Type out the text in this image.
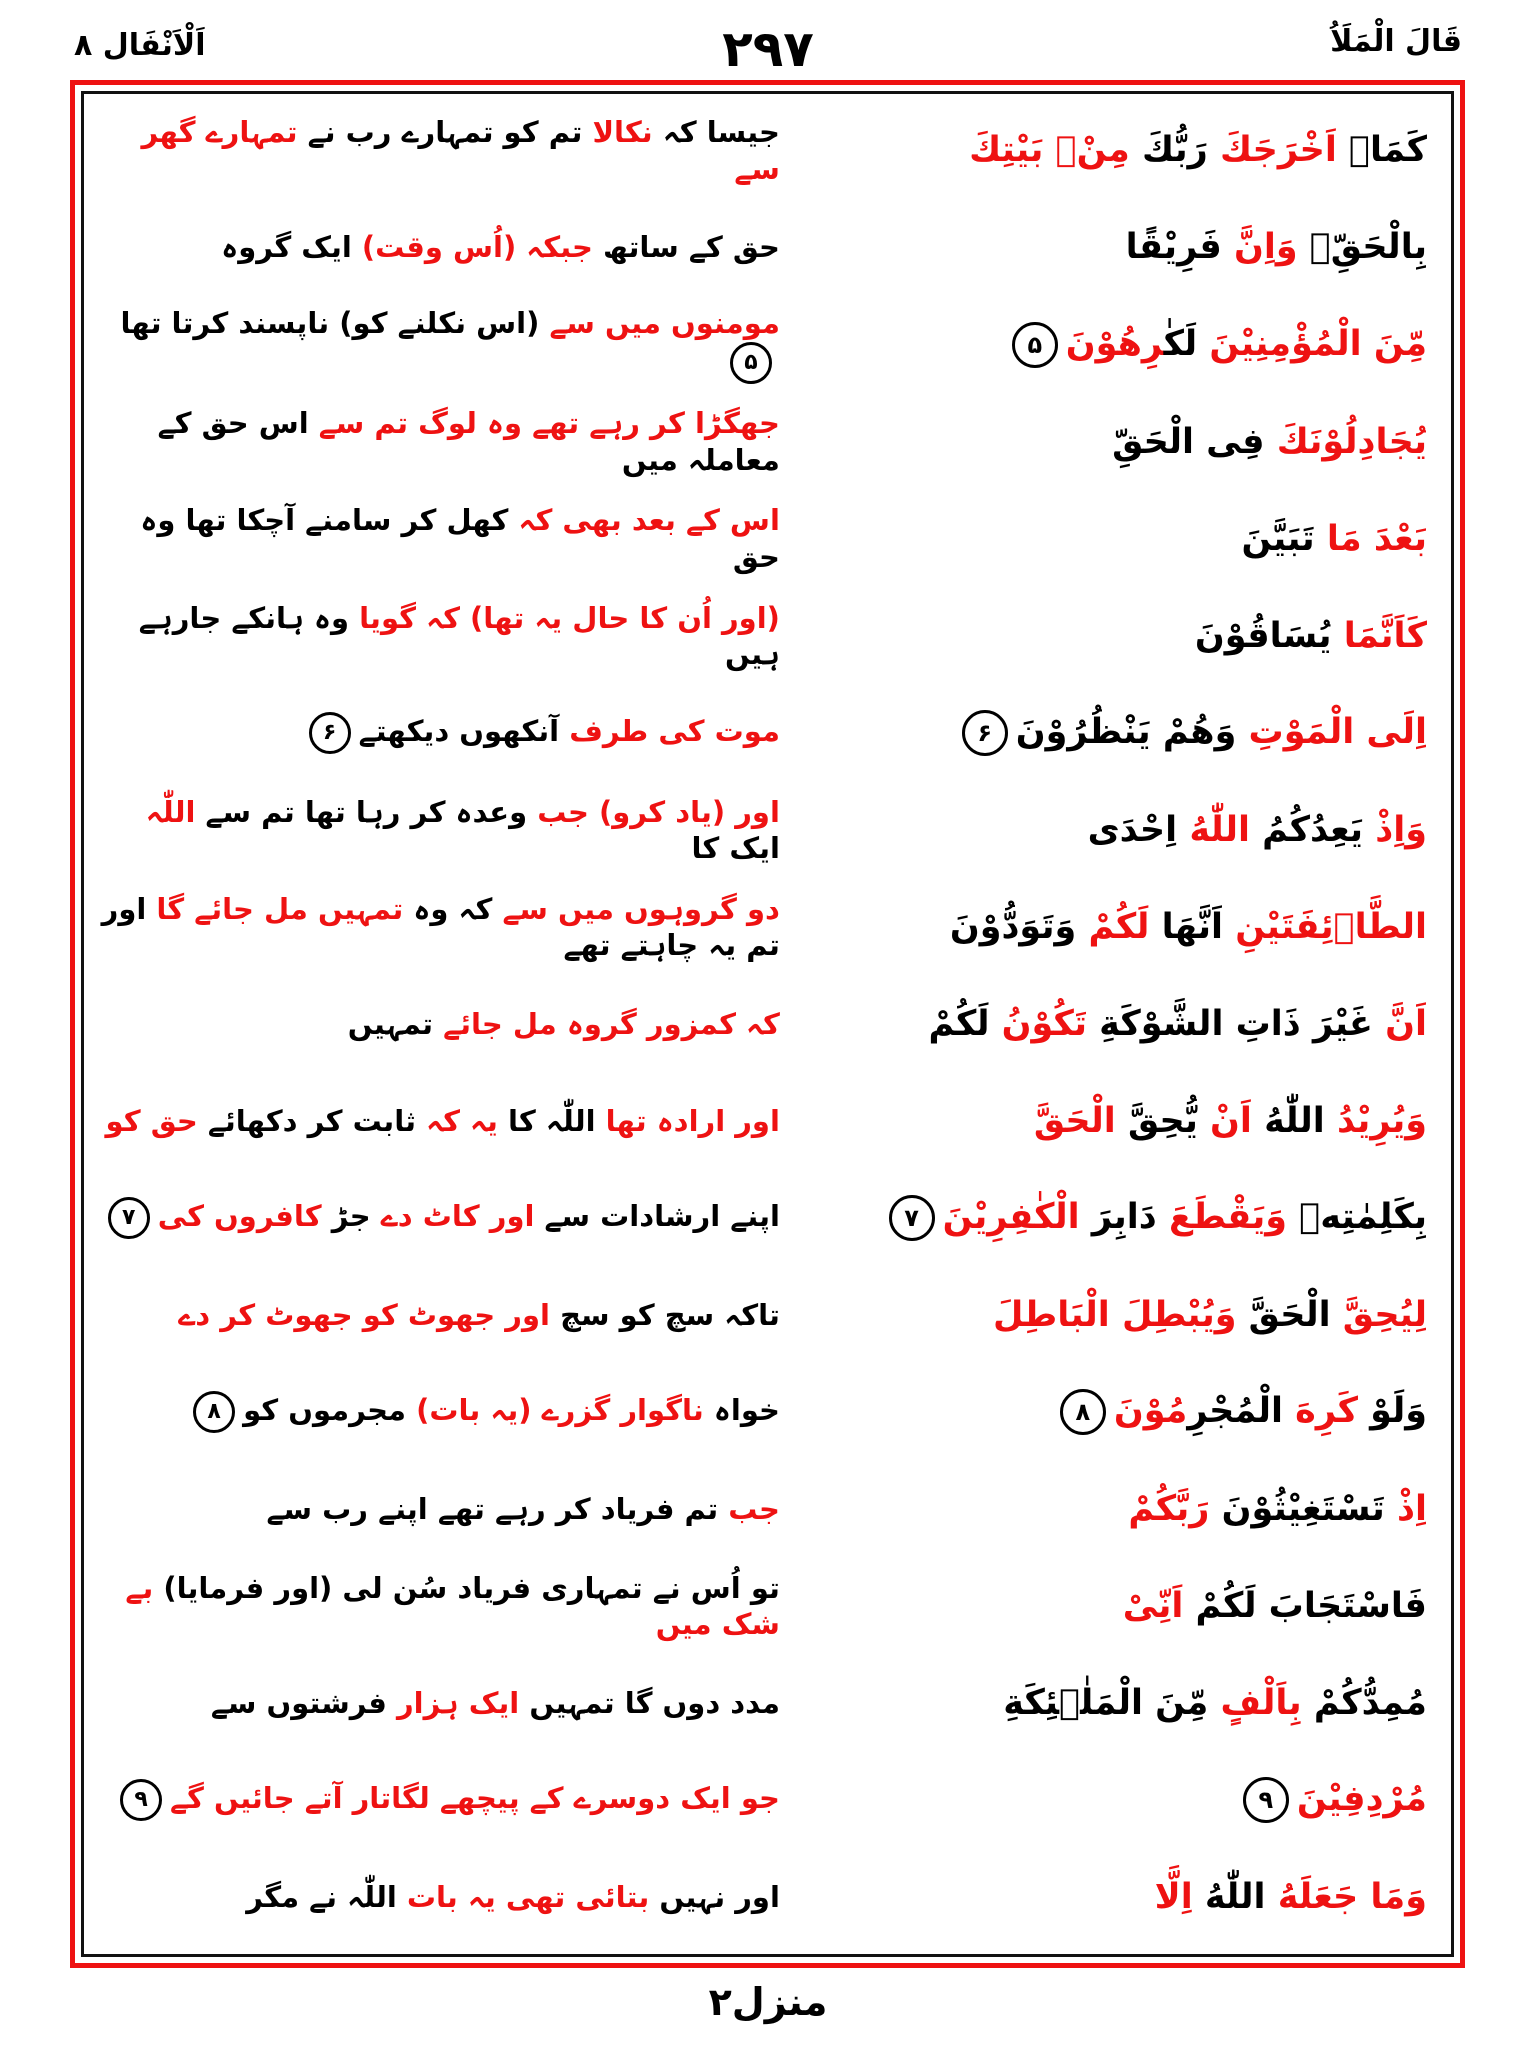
اَلْاَنْفَال ۸	۲۹۷	قَالَ الْمَلَاُ
جیسا کہ نکالا تم کو تمہارے رب نے تمہارے گھر سے	كَمَاۤ اَخْرَجَكَ رَبُّكَ مِنْۢ بَيْتِكَ
حق کے ساتھ جبکہ (اُس وقت) ایک گروہ	بِالْحَقِّۖ وَاِنَّ فَرِيْقًا
مومنوں میں سے (اس نکلنے کو) ناپسند کرتا تھا۵	مِّنَ الْمُؤْمِنِيْنَ لَكٰ‍‍رِهُوْنَ۵
جھگڑا کر رہے تھے وہ لوگ تم سے اس حق کے معاملہ میں	يُجَادِلُوْنَكَ فِى الْحَقِّ
اس کے بعد بھی کہ کھل کر سامنے آچکا تھا وہ حق	بَعْدَ مَا تَبَيَّنَ
(اور اُن کا حال یہ تھا) کہ گویا وہ ہانکے جارہے ہیں	كَاَنَّمَا يُسَاقُوْنَ
موت کی طرف آنکھوں دیکھتے۶	اِلَى الْمَوْتِ وَهُمْ يَنْظُرُوْنَ۶
اور (یاد کرو) جب وعدہ کر رہا تھا تم سے اللّٰہ ایک کا	وَاِذْ يَعِدُكُمُ اللّٰهُ اِحْدَى
دو گروہوں میں سے کہ وہ تمہیں مل جائے گا اور تم یہ چاہتے تھے	الطَّاۤئِفَتَيْنِ اَنَّهَا لَكُمْ وَتَوَدُّوْنَ
کہ کمزور گروہ مل جائے تمہیں	اَنَّ غَيْرَ ذَاتِ الشَّوْكَةِ تَكُوْنُ لَكُمْ
اور ارادہ تھا اللّٰہ کا یہ کہ ثابت کر دکھائے حق کو	وَيُرِيْدُ اللّٰهُ اَنْ يُّحِقَّ الْحَقَّ
اپنے ارشادات سے اور کاٹ دے جڑ کافروں کی۷	بِكَلِمٰتِهٖ وَيَقْطَعَ دَابِرَ الْكٰفِرِيْنَ۷
تاکہ سچ کو سچ اور جھوٹ کو جھوٹ کر دے	لِيُحِقَّ الْحَقَّ وَيُبْطِلَ الْبَاطِلَ
خواہ ناگوار گزرے (یہ بات) مجرموں کو۸	وَلَوْ كَرِهَ الْمُجْرِمُوْنَ۸
جب تم فریاد کر رہے تھے اپنے رب سے	اِذْ تَسْتَغِيْثُوْنَ رَبَّكُمْ
تو اُس نے تمہاری فریاد سُن لی (اور فرمایا) بے شک میں	فَاسْتَجَابَ لَكُمْ اَنِّىْ
مدد دوں گا تمہیں ایک ہزار فرشتوں سے	مُمِدُّكُمْ بِاَلْفٍ مِّنَ الْمَلٰۤئِكَةِ
جو ایک دوسرے کے پیچھے لگاتار آتے جائیں گے۹	مُرْدِفِيْنَ۹
اور نہیں بتائی تھی یہ بات اللّٰہ نے مگر	وَمَا جَعَلَهُ اللّٰهُ اِلَّا
منزل۲
